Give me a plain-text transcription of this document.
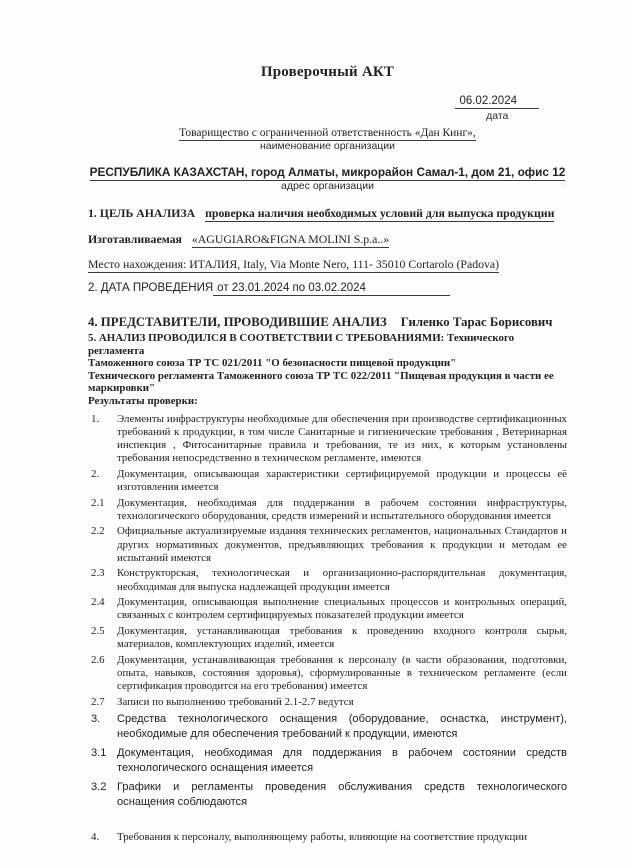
Проверочный АКТ
06.02.2024
дата
Товарищество с ограниченной ответственность «Дан Кинг»,
наименование организации
РЕСПУБЛИКА КАЗАХСТАН, город Алматы, микрорайон Самал-1, дом 21, офис 12
адрес организации
1. ЦЕЛЬ АНАЛИЗА проверка наличия необходимых условий для выпуска продукции
Изготавливаемая «AGUGIARO&FIGNA MOLINI S.p.a..»
Место нахождения: ИТАЛИЯ, Italy, Via Monte Nero, 111- 35010 Cortarolo (Padova)
2. ДАТА ПРОВЕДЕНИЯ от 23.01.2024 по 03.02.2024
4. ПРЕДСТАВИТЕЛИ, ПРОВОДИВШИЕ АНАЛИЗ Гиленко Тарас Борисович
5. АНАЛИЗ ПРОВОДИЛСЯ В СООТВЕТСТВИИ С ТРЕБОВАНИЯМИ: Технического регламента
Таможенного союза ТР ТС 021/2011 "О безопасности пищевой продукции"
Технического регламента Таможенного союза ТР ТС 022/2011 "Пищевая продукция в части ее маркировки"
Результаты проверки:
1.	Элементы инфраструктуры необходимые для обеспечения при производстве сертификационных требований к продукции, в том числе Санитарные и гигиенические требования , Ветеринарная инспекция , Фитосанитарные правила и требования, те из них, к которым установлены требования непосредственно в техническом регламенте, имеются
2.	Документация, описывающая характеристики сертифицируемой продукции и процессы её изготовления имеется
2.1	Документация, необходимая для поддержания в рабочем состоянии инфраструктуры, технологического оборудования, средств измерений и испытательного оборудования имеется
2.2	Официальные актуализируемые издания технических регламентов, национальных Стандартов и других нормативных документов, предъявляющих требования к продукции и методам ее испытаний имеются
2.3	Конструкторская, технологическая и организационно-распорядительная документация, необходимая для выпуска надлежащей продукции имеется
2.4	Документация, описывающая выполнение специальных процессов и контрольных операций, связанных с контролем сертифицируемых показателей продукции имеется
2.5	Документация, устанавливающая требования к проведению входного контроля сырья, материалов, комплектующих изделий, имеется
2.6	Документация, устанавливающая требования к персоналу (в части образования, подготовки, опыта, навыков, состояния здоровья), сформулированные в техническом регламенте (если сертификация проводится на его требования) имеется
2.7	Записи по выполнению требований 2.1-2.7 ведутся
3.	Средства технологического оснащения (оборудование, оснастка, инструмент), необходимые для обеспечения требований к продукции, имеются
3.1 Документация, необходимая для поддержания в рабочем состоянии средств технологического оснащения имеется
3.2 Графики и регламенты проведения обслуживания средств технологического оснащения соблюдаются
4.	Требования к персоналу, выполняющему работы, влияющие на соответствие продукции
